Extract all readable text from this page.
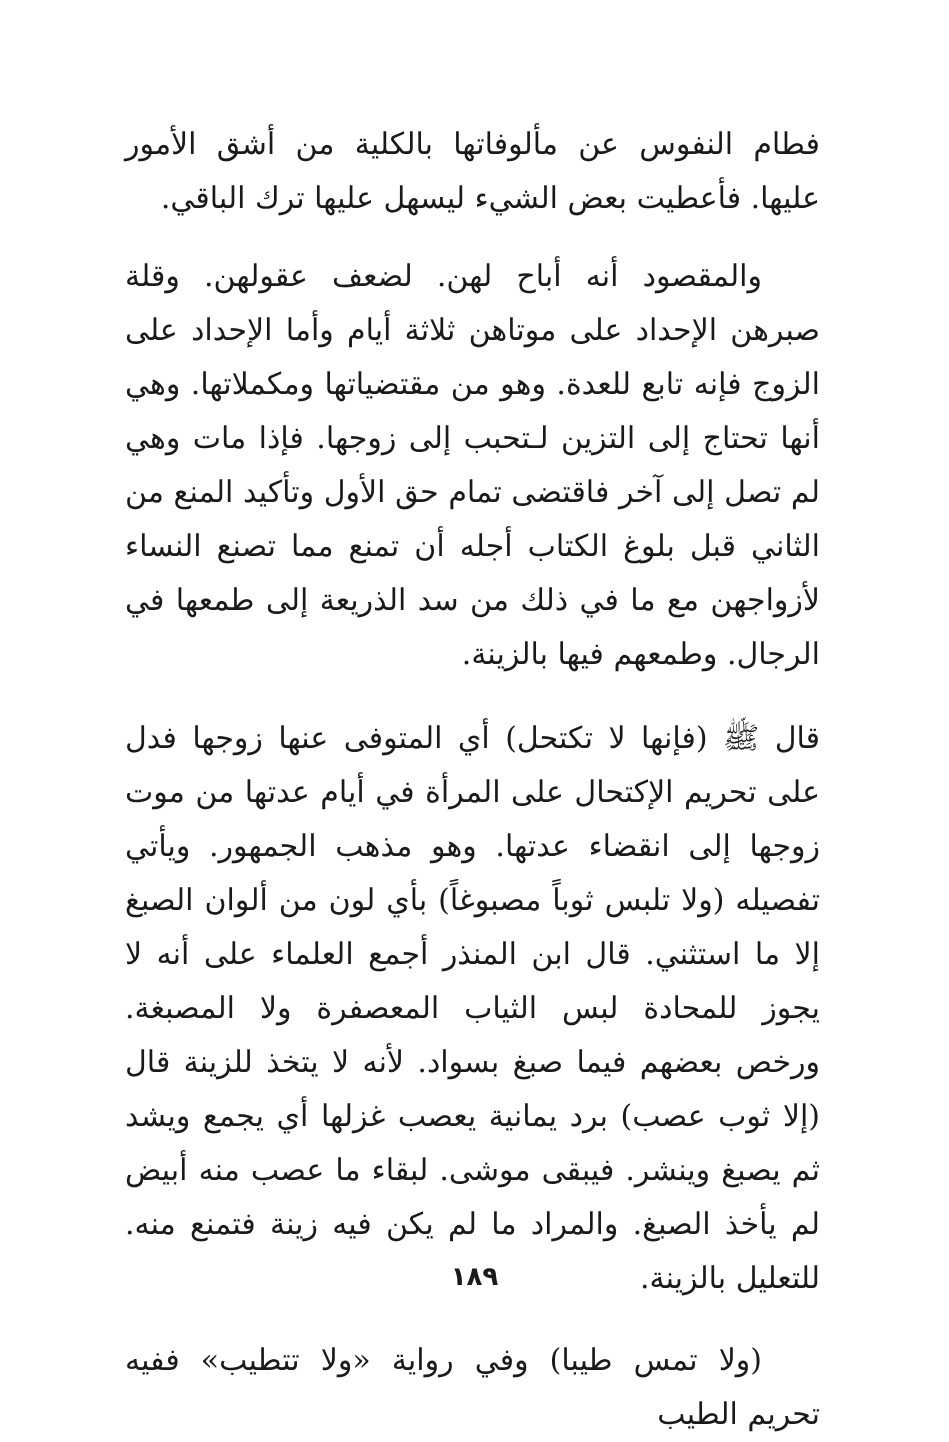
فطام النفوس عن مألوفاتها بالكلية من أشق الأمور عليها. فأعطيت بعض الشيء ليسهل عليها ترك الباقي.

والمقصود أنه أباح لهن. لضعف عقولهن. وقلة صبرهن الإحداد على موتاهن ثلاثة أيام وأما الإحداد على الزوج فإنه تابع للعدة. وهو من مقتضياتها ومكملاتها. وهي أنها تحتاج إلى التزين لـتحبب إلى زوجها. فإذا مات وهي لم تصل إلى آخر فاقتضى تمام حق الأول وتأكيد المنع من الثاني قبل بلوغ الكتاب أجله أن تمنع مما تصنع النساء لأزواجهن مع ما في ذلك من سد الذريعة إلى طمعها في الرجال. وطمعهم فيها بالزينة.

قال ﷺ (فإنها لا تكتحل) أي المتوفى عنها زوجها فدل على تحريم الإكتحال على المرأة في أيام عدتها من موت زوجها إلى انقضاء عدتها. وهو مذهب الجمهور. ويأتي تفصيله (ولا تلبس ثوباً مصبوغاً) بأي لون من ألوان الصبغ إلا ما استثني. قال ابن المنذر أجمع العلماء على أنه لا يجوز للمحادة لبس الثياب المعصفرة ولا المصبغة. ورخص بعضهم فيما صبغ بسواد. لأنه لا يتخذ للزينة قال (إلا ثوب عصب) برد يمانية يعصب غزلها أي يجمع ويشد ثم يصبغ وينشر. فيبقى موشى. لبقاء ما عصب منه أبيض لم يأخذ الصبغ. والمراد ما لم يكن فيه زينة فتمنع منه. للتعليل بالزينة.

(ولا تمس طيبا) وفي رواية «ولا تتطيب» ففيه تحريم الطيب

١٨٩
